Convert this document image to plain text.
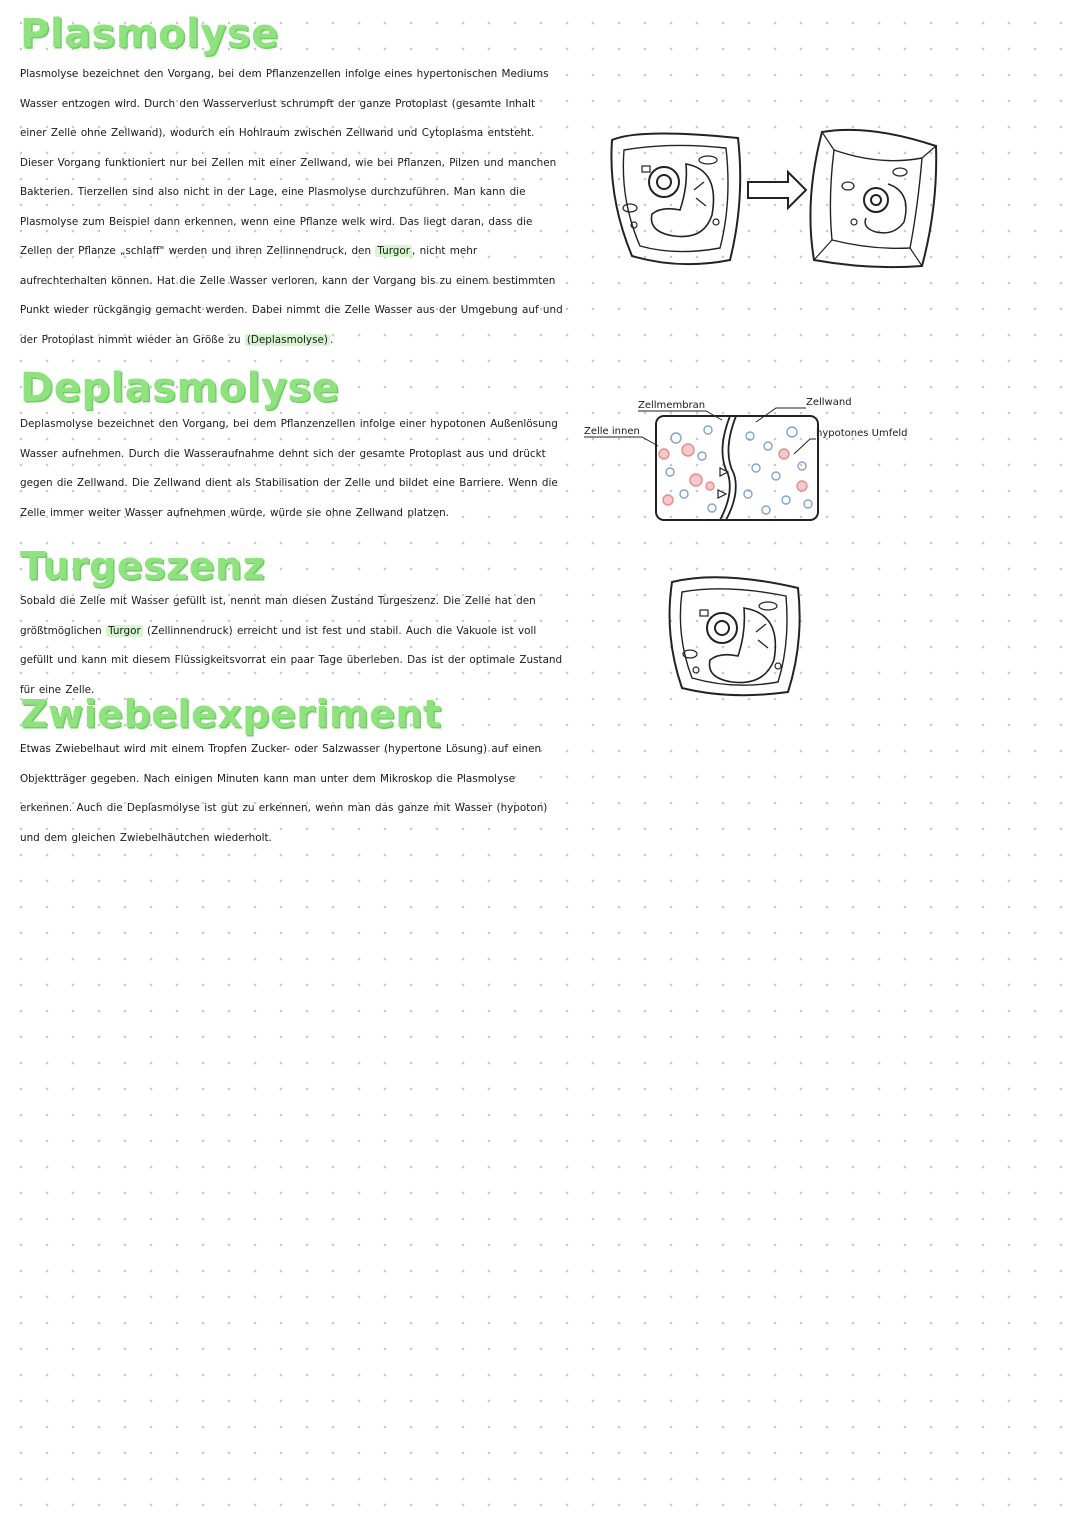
Plasmolyse

Plasmolyse bezeichnet den Vorgang, bei dem Pflanzenzellen infolge eines hypertonischen Mediums Wasser entzogen wird. Durch den Wasserverlust schrumpft der ganze Protoplast (gesamte Inhalt einer Zelle ohne Zellwand), wodurch ein Hohlraum zwischen Zellwand und Cytoplasma entsteht. Dieser Vorgang funktioniert nur bei Zellen mit einer Zellwand, wie bei Pflanzen, Pilzen und manchen Bakterien. Tierzellen sind also nicht in der Lage, eine Plasmolyse durchzuführen. Man kann die Plasmolyse zum Beispiel dann erkennen, wenn eine Pflanze welk wird. Das liegt daran, dass die Zellen der Pflanze „schlaff" werden und ihren Zellinnendruck, den Turgor , nicht mehr aufrechterhalten können. Hat die Zelle Wasser verloren, kann der Vorgang bis zu einem bestimmten Punkt wieder rückgängig gemacht werden. Dabei nimmt die Zelle Wasser aus der Umgebung auf und der Protoplast nimmt wieder an Größe zu (Deplasmolyse) .

Deplasmolyse

Deplasmolyse bezeichnet den Vorgang, bei dem Pflanzenzellen infolge einer hypotonen Außenlösung Wasser aufnehmen. Durch die Wasseraufnahme dehnt sich der gesamte Protoplast aus und drückt gegen die Zellwand. Die Zellwand dient als Stabilisation der Zelle und bildet eine Barriere. Wenn die Zelle immer weiter Wasser aufnehmen würde, würde sie ohne Zellwand platzen.

Turgeszenz

Sobald die Zelle mit Wasser gefüllt ist, nennt man diesen Zustand Turgeszenz. Die Zelle hat den größtmöglichen Turgor (Zellinnendruck) erreicht und ist fest und stabil. Auch die Vakuole ist voll gefüllt und kann mit diesem Flüssigkeitsvorrat ein paar Tage überleben. Das ist der optimale Zustand für eine Zelle.

Zwiebelexperiment

Etwas Zwiebelhaut wird mit einem Tropfen Zucker- oder Salzwasser (hypertone Lösung) auf einen Objektträger gegeben. Nach einigen Minuten kann man unter dem Mikroskop die Plasmolyse erkennen. Auch die Deplasmolyse ist gut zu erkennen, wenn man das ganze mit Wasser (hypoton) und dem gleichen Zwiebelhäutchen wiederholt.

Zellmembran	Zellwand
Zelle innen	hypotones Umfeld
